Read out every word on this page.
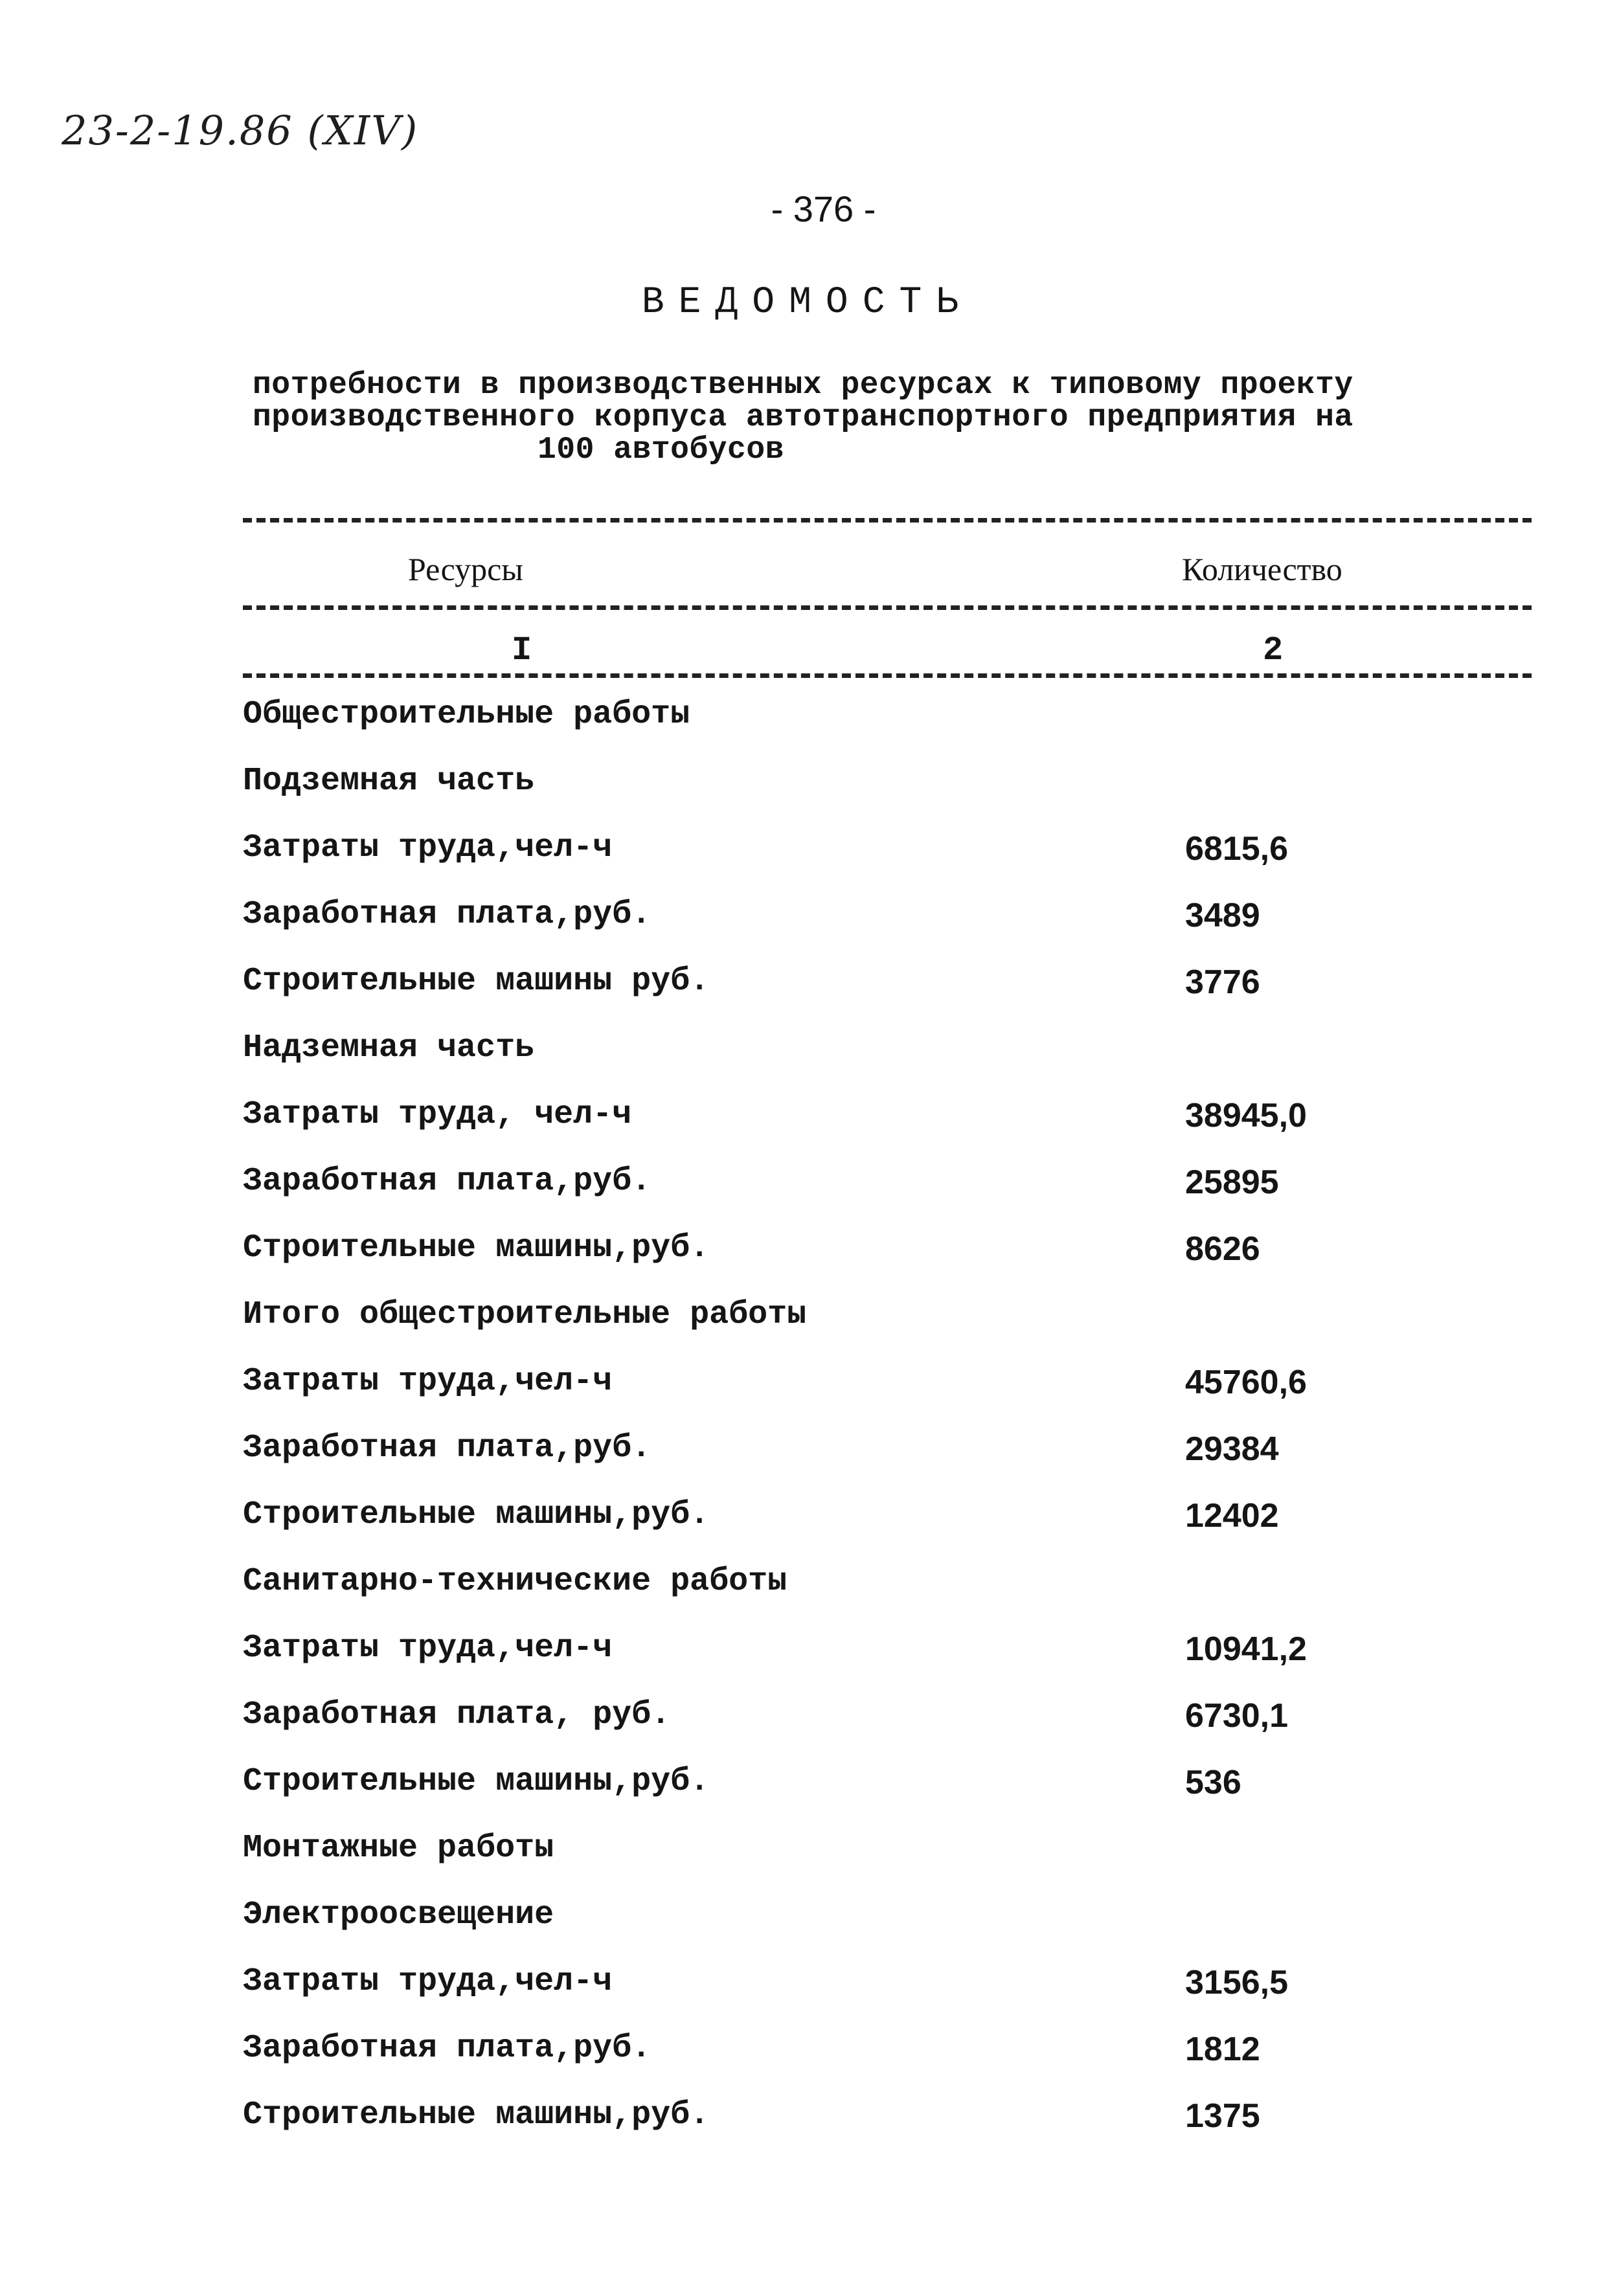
23-2-19.86 (XIV)
- 376 -
ВЕДОМОСТЬ
потребности в производственных ресурсах к типовому проекту
производственного корпуса автотранспортного предприятия на
100 автобусов
Ресурсы	Количество
I	2
Общестроительные работы
Подземная часть
Затраты труда,чел-ч	6815,6
Заработная плата,руб.	3489
Строительные машины руб.	3776
Надземная часть
Затраты труда, чел-ч	38945,0
Заработная плата,руб.	25895
Строительные машины,руб.	8626
Итого общестроительные работы
Затраты труда,чел-ч	45760,6
Заработная плата,руб.	29384
Строительные машины,руб.	12402
Санитарно-технические работы
Затраты труда,чел-ч	10941,2
Заработная плата, руб.	6730,1
Строительные машины,руб.	536
Монтажные работы
Электроосвещение
Затраты труда,чел-ч	3156,5
Заработная плата,руб.	1812
Строительные машины,руб.	1375
